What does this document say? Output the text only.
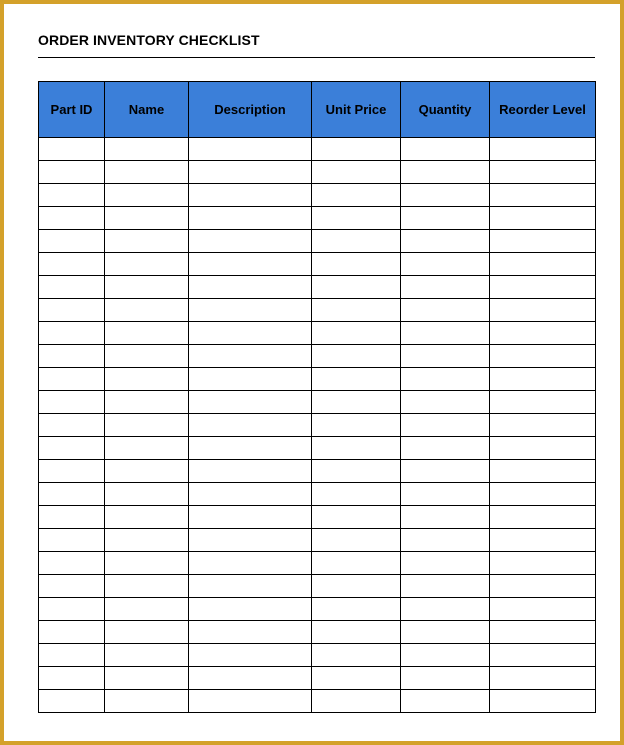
ORDER INVENTORY CHECKLIST
Part ID	Name	Description	Unit Price	Quantity	Reorder Level
